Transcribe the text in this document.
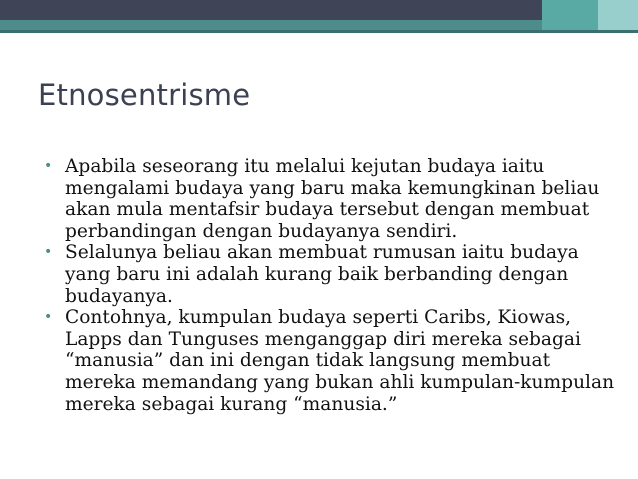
Etnosentrisme
• Apabila seseorang itu melalui kejutan budaya iaitu mengalami budaya yang baru maka kemungkinan beliau akan mula mentafsir budaya tersebut dengan membuat perbandingan dengan budayanya sendiri.
• Selalunya beliau akan membuat rumusan iaitu budaya yang baru ini adalah kurang baik berbanding dengan budayanya.
• Contohnya, kumpulan budaya seperti Caribs, Kiowas, Lapps dan Tunguses menganggap diri mereka sebagai “manusia” dan ini dengan tidak langsung membuat mereka memandang yang bukan ahli kumpulan-kumpulan mereka sebagai kurang “manusia.”
